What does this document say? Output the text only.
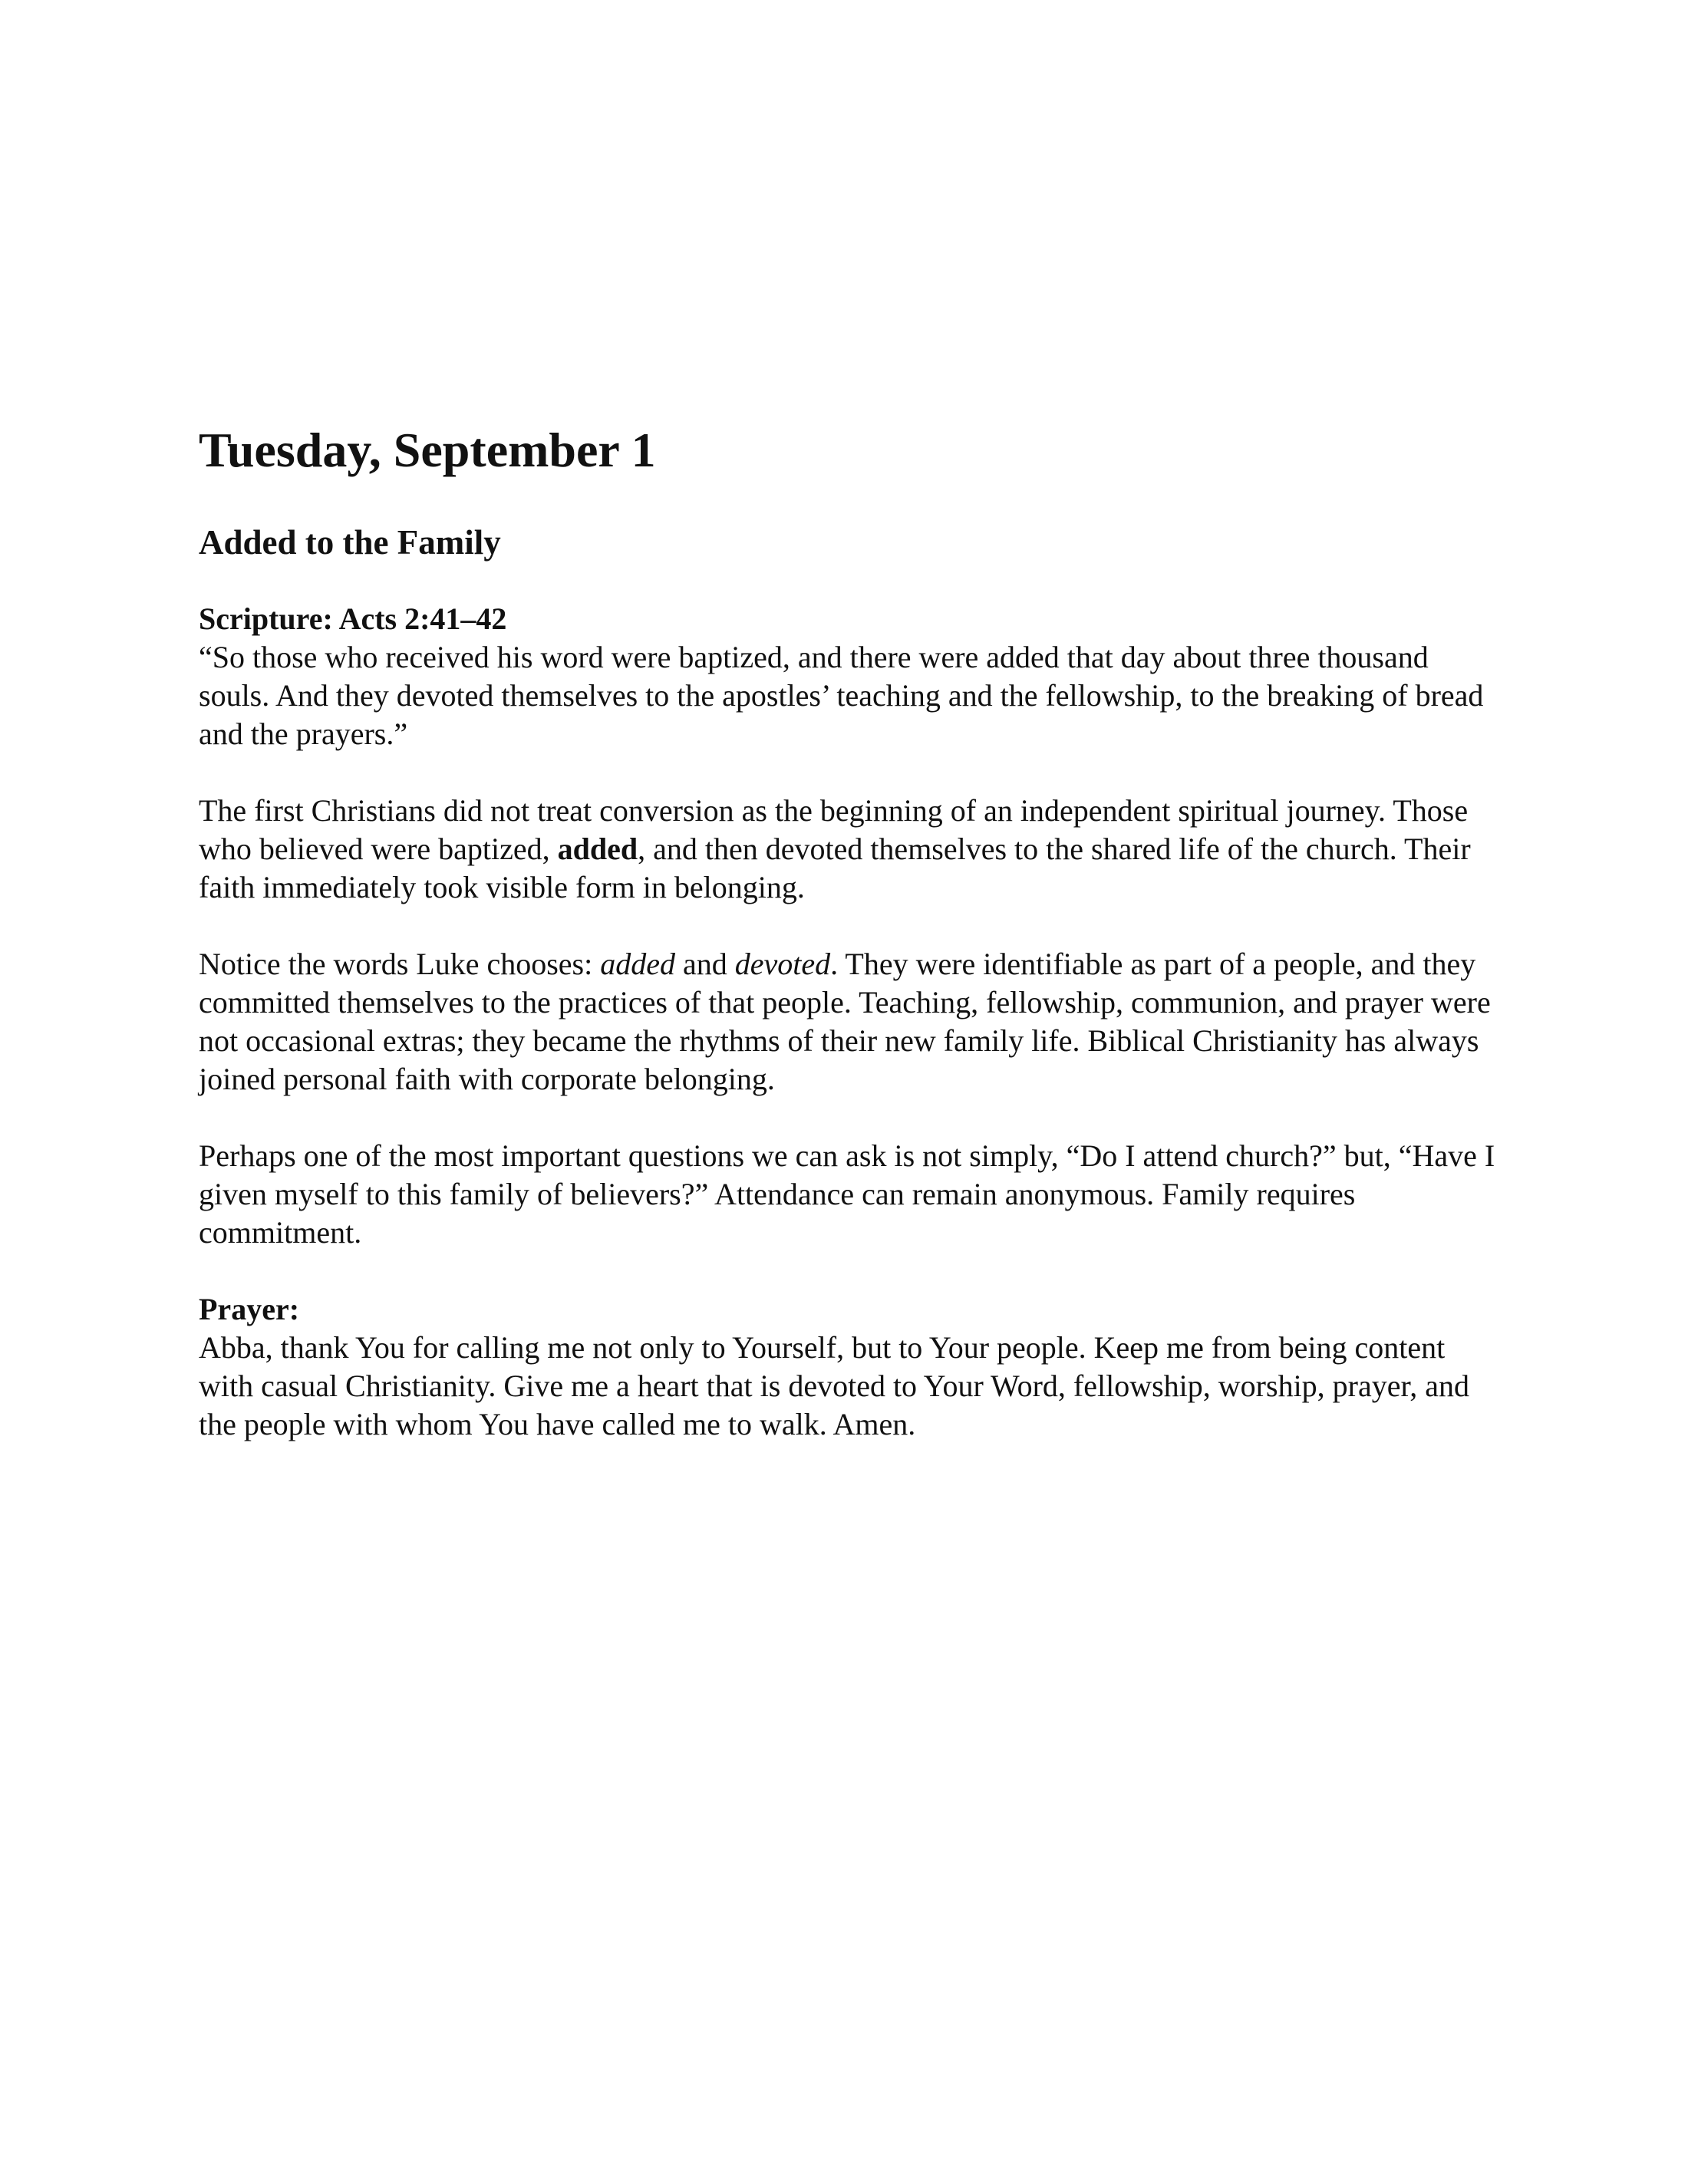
Tuesday, September 1
Added to the Family
Scripture: Acts 2:41–42

“So those who received his word were baptized, and there were added that day about three thousand souls. And they devoted themselves to the apostles’ teaching and the fellowship, to the breaking of bread and the prayers.”

The first Christians did not treat conversion as the beginning of an independent spiritual journey. Those who believed were baptized, added, and then devoted themselves to the shared life of the church. Their faith immediately took visible form in belonging.

Notice the words Luke chooses: added and devoted. They were identifiable as part of a people, and they committed themselves to the practices of that people. Teaching, fellowship, communion, and prayer were not occasional extras; they became the rhythms of their new family life. Biblical Christianity has always joined personal faith with corporate belonging.

Perhaps one of the most important questions we can ask is not simply, “Do I attend church?” but, “Have I given myself to this family of believers?” Attendance can remain anonymous. Family requires commitment.

Prayer:

Abba, thank You for calling me not only to Yourself, but to Your people. Keep me from being content with casual Christianity. Give me a heart that is devoted to Your Word, fellowship, worship, prayer, and the people with whom You have called me to walk. Amen.
